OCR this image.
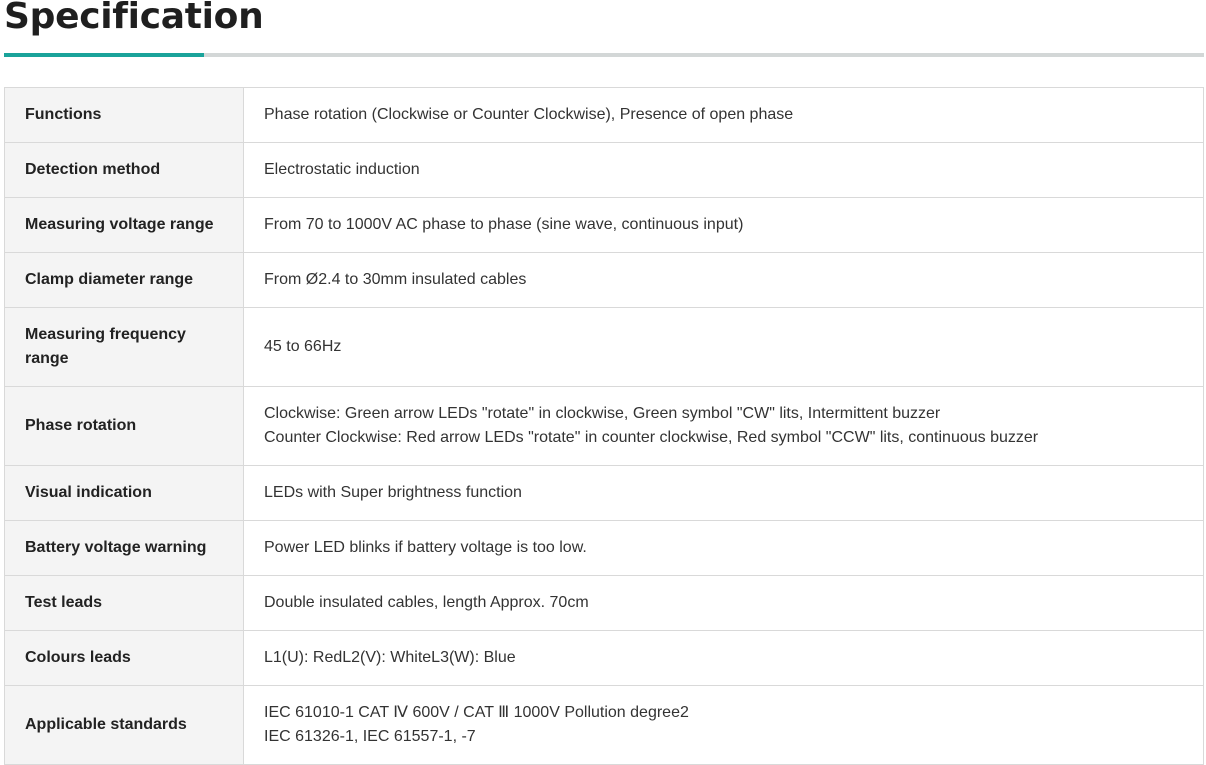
Specification
Functions	Phase rotation (Clockwise or Counter Clockwise), Presence of open phase

Detection method	Electrostatic induction

Measuring voltage range	From 70 to 1000V AC phase to phase (sine wave, continuous input)

Clamp diameter range	From Ø2.4 to 30mm insulated cables

Measuring frequency range	45 to 66Hz

Phase rotation	Clockwise: Green arrow LEDs "rotate" in clockwise, Green symbol "CW" lits, Intermittent buzzer
Counter Clockwise: Red arrow LEDs "rotate" in counter clockwise, Red symbol "CCW" lits, continuous buzzer

Visual indication	LEDs with Super brightness function

Battery voltage warning	Power LED blinks if battery voltage is too low.

Test leads	Double insulated cables, length Approx. 70cm

Colours leads	L1(U): RedL2(V): WhiteL3(W): Blue

Applicable standards	IEC 61010-1 CAT Ⅳ 600V / CAT Ⅲ 1000V Pollution degree2
IEC 61326-1, IEC 61557-1, -7
